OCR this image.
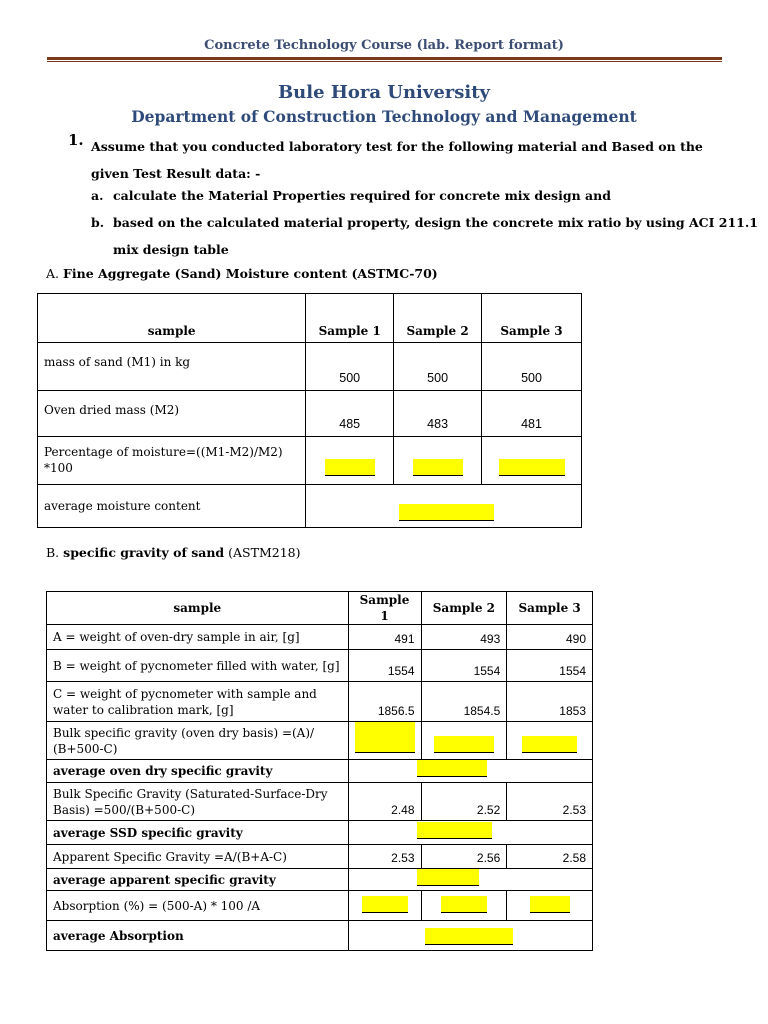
Concrete Technology Course (lab. Report format)
Bule Hora University
Department of Construction Technology and Management
1. Assume that you conducted laboratory test for the following material and Based on the given Test Result data: -
a. calculate the Material Properties required for concrete mix design and
b. based on the calculated material property, design the concrete mix ratio by using ACI 211.1
mix design table
A. Fine Aggregate (Sand) Moisture content (ASTMC-70)
sample	Sample 1	Sample 2	Sample 3
mass of sand (M1) in kg	500	500	500
Oven dried mass (M2)	485	483	481
Percentage of moisture=((M1-M2)/M2) *100			
average moisture content			
B. specific gravity of sand (ASTM218)
sample	Sample 1	Sample 2	Sample 3
A = weight of oven-dry sample in air, [g]	491	493	490
B = weight of pycnometer filled with water, [g]	1554	1554	1554
C = weight of pycnometer with sample and water to calibration mark, [g]	1856.5	1854.5	1853
Bulk specific gravity (oven dry basis) =(A)/ (B+500-C)			
average oven dry specific gravity			
Bulk Specific Gravity (Saturated-Surface-Dry Basis) =500/(B+500-C)	2.48	2.52	2.53
average SSD specific gravity			
Apparent Specific Gravity =A/(B+A-C)	2.53	2.56	2.58
average apparent specific gravity			
Absorption (%) = (500-A) * 100 /A			
average Absorption			
